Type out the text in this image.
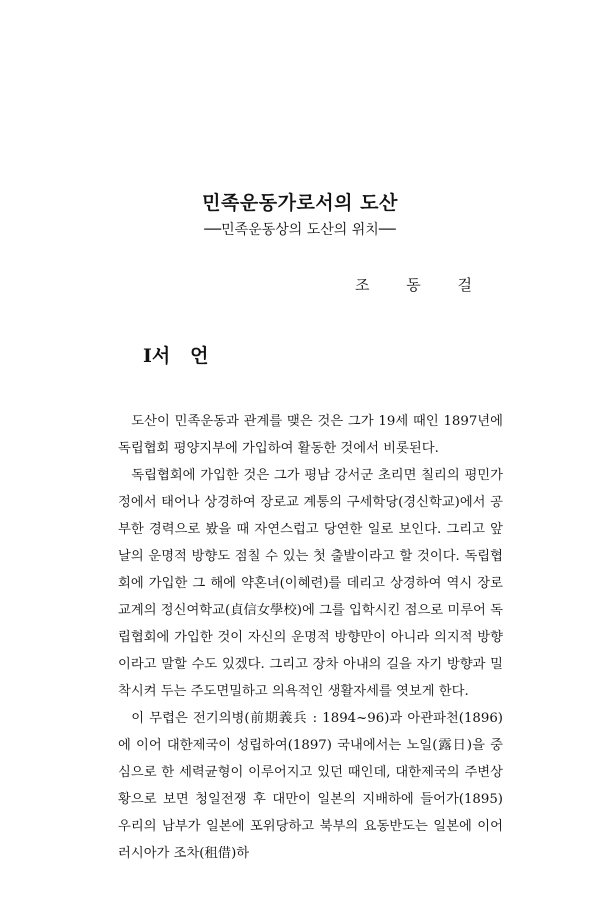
민족운동가로서의 도산
──민족운동상의 도산의 위치──
조 동 걸
I서   언

도산이 민족운동과 관계를 맺은 것은 그가 19세 때인 1897년에 독립협회 평양지부에 가입하여 활동한 것에서 비롯된다.

독립협회에 가입한 것은 그가 평남 강서군 초리면 칠리의 평민가정에서 태어나 상경하여 장로교 계통의 구세학당(경신학교)에서 공부한 경력으로 봤을 때 자연스럽고 당연한 일로 보인다. 그리고 앞날의 운명적 방향도 점칠 수 있는 첫 출발이라고 할 것이다. 독립협회에 가입한 그 해에 약혼녀(이혜련)를 데리고 상경하여 역시 장로교계의 정신여학교(貞信女學校)에 그를 입학시킨 점으로 미루어 독립협회에 가입한 것이 자신의 운명적 방향만이 아니라 의지적 방향이라고 말할 수도 있겠다. 그리고 장차 아내의 길을 자기 방향과 밀착시켜 두는 주도면밀하고 의욕적인 생활자세를 엿보게 한다.

이 무렵은 전기의병(前期義兵 : 1894~96)과 아관파천(1896)에 이어 대한제국이 성립하여(1897) 국내에서는 노일(露日)을 중심으로 한 세력균형이 이루어지고 있던 때인데, 대한제국의 주변상황으로 보면 청일전쟁 후 대만이 일본의 지배하에 들어가(1895) 우리의 남부가 일본에 포위당하고 북부의 요동반도는 일본에 이어 러시아가 조차(租借)하
